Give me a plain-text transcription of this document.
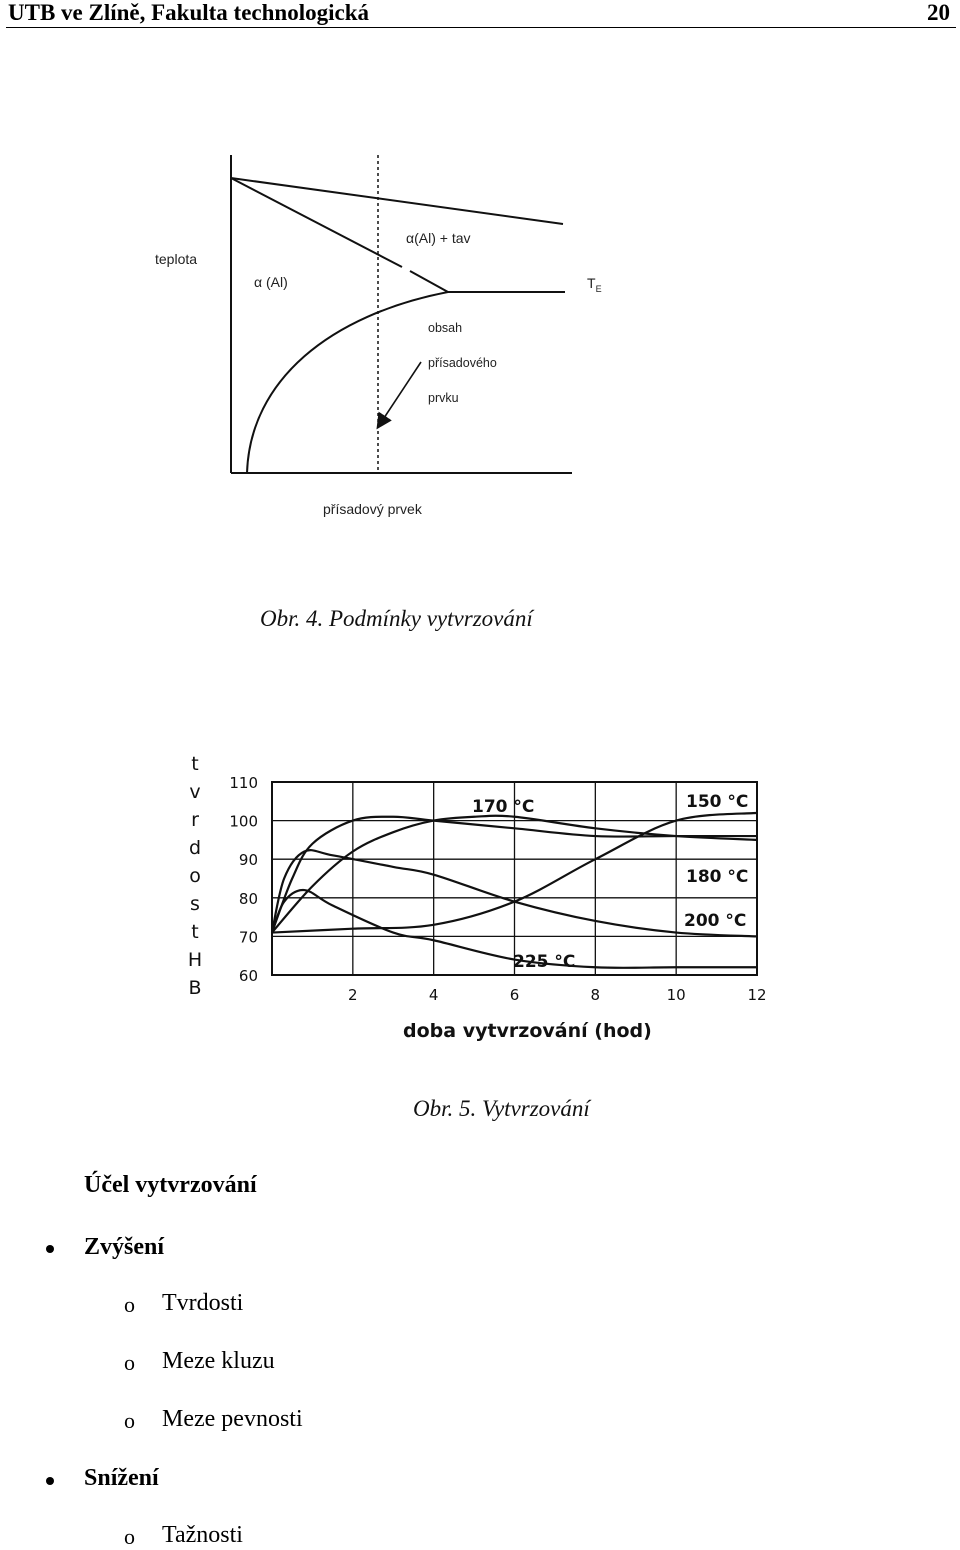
UTB ve Zlíně, Fakulta technologická	20
teplota
α (Al)
α(Al) + tav
$T_E$
obsah
přísadového
prvku
přísadový prvek
Obr. 4. Podmínky vytvrzování
150 °C
170 °C
180 °C
200 °C
225 °C
60
70
80
90
100
110
2	4	6	8	10	12
t
v
r
d
o
s
t
H
B
doba vytvrzování (hod)
Obr. 5. Vytvrzování
Účel vytvrzování
Zvýšení
o Tvrdosti
o Meze kluzu
o Meze pevnosti
Snížení
o Tažnosti
